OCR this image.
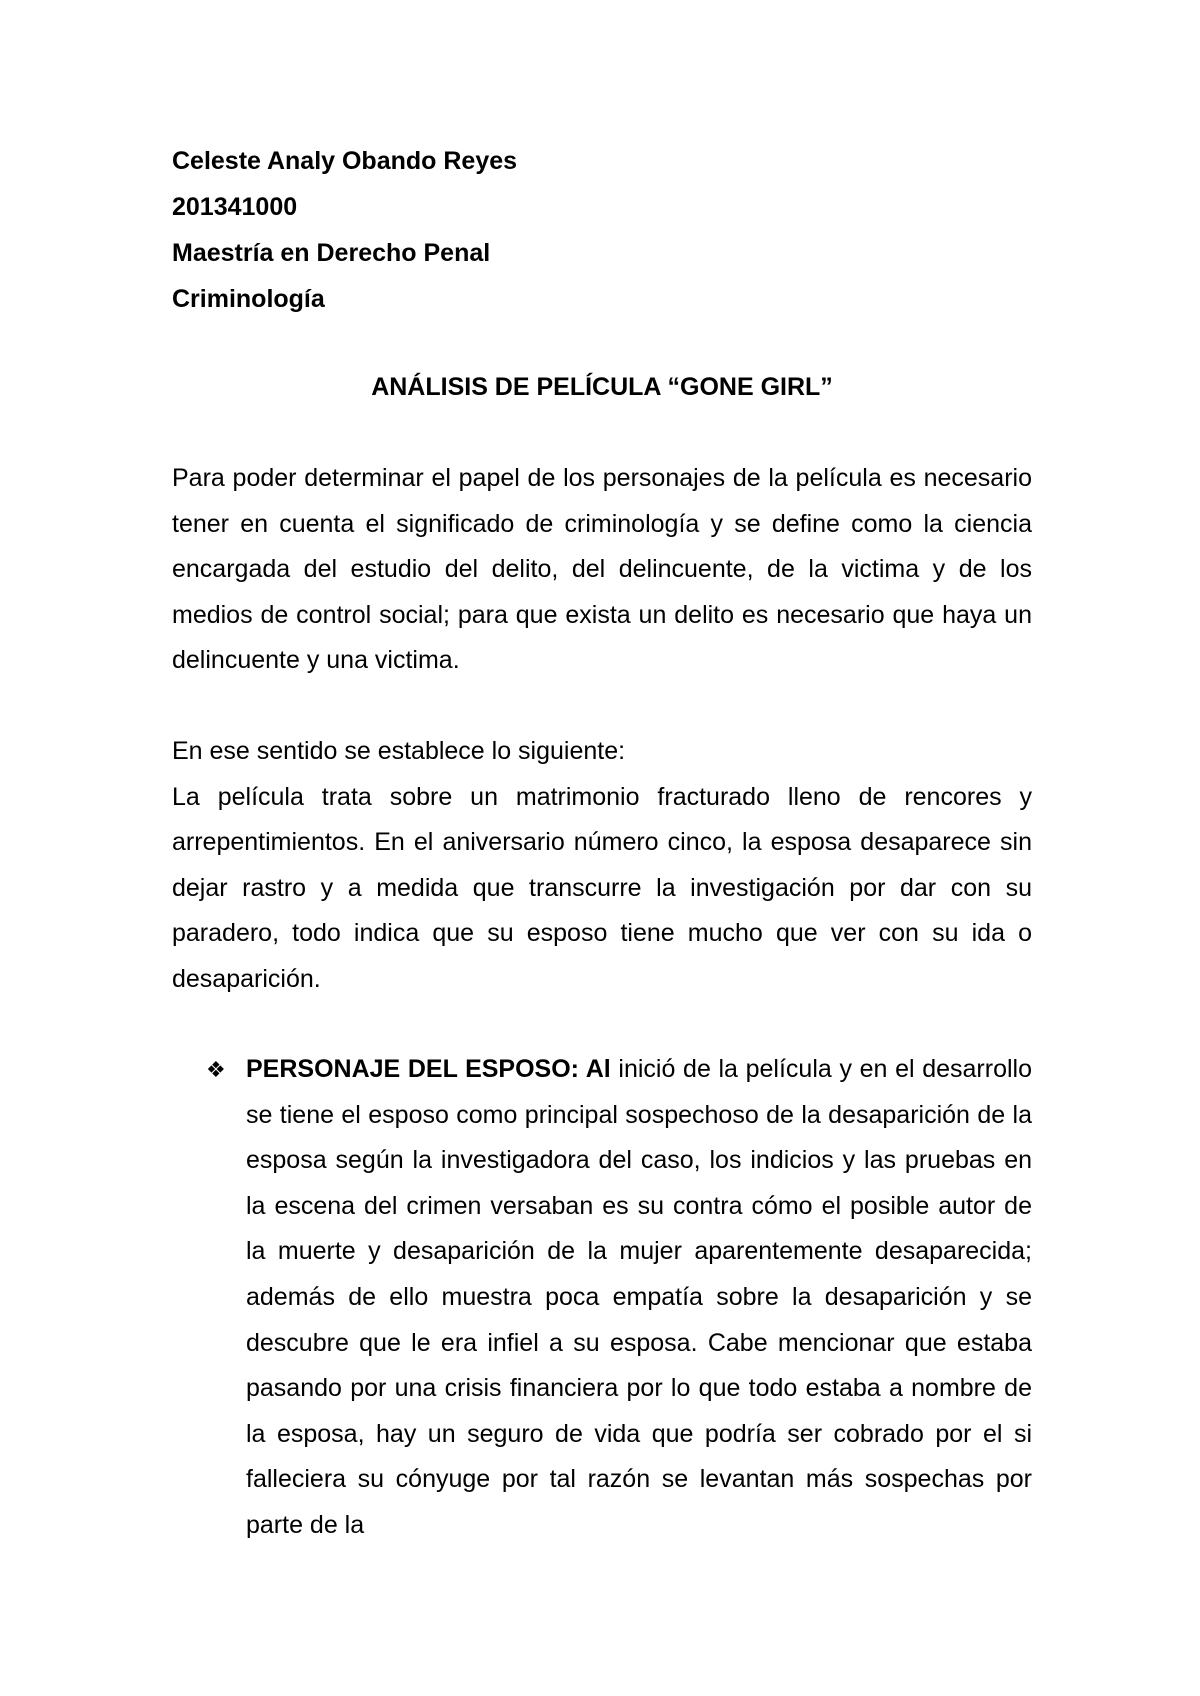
Celeste Analy Obando Reyes
201341000
Maestría en Derecho Penal
Criminología
ANÁLISIS DE PELÍCULA “GONE GIRL”

Para poder determinar el papel de los personajes de la película es necesario tener en cuenta el significado de criminología y se define como la ciencia encargada del estudio del delito, del delincuente, de la victima y de los medios de control social; para que exista un delito es necesario que haya un delincuente y una victima.

En ese sentido se establece lo siguiente:

La película trata sobre un matrimonio fracturado lleno de rencores y arrepentimientos. En el aniversario número cinco, la esposa desaparece sin dejar rastro y a medida que transcurre la investigación por dar con su paradero, todo indica que su esposo tiene mucho que ver con su ida o desaparición.

❖ PERSONAJE DEL ESPOSO: Al inició de la película y en el desarrollo se tiene el esposo como principal sospechoso de la desaparición de la esposa según la investigadora del caso, los indicios y las pruebas en la escena del crimen versaban es su contra cómo el posible autor de la muerte y desaparición de la mujer aparentemente desaparecida; además de ello muestra poca empatía sobre la desaparición y se descubre que le era infiel a su esposa. Cabe mencionar que estaba pasando por una crisis financiera por lo que todo estaba a nombre de la esposa, hay un seguro de vida que podría ser cobrado por el si falleciera su cónyuge por tal razón se levantan más sospechas por parte de la
